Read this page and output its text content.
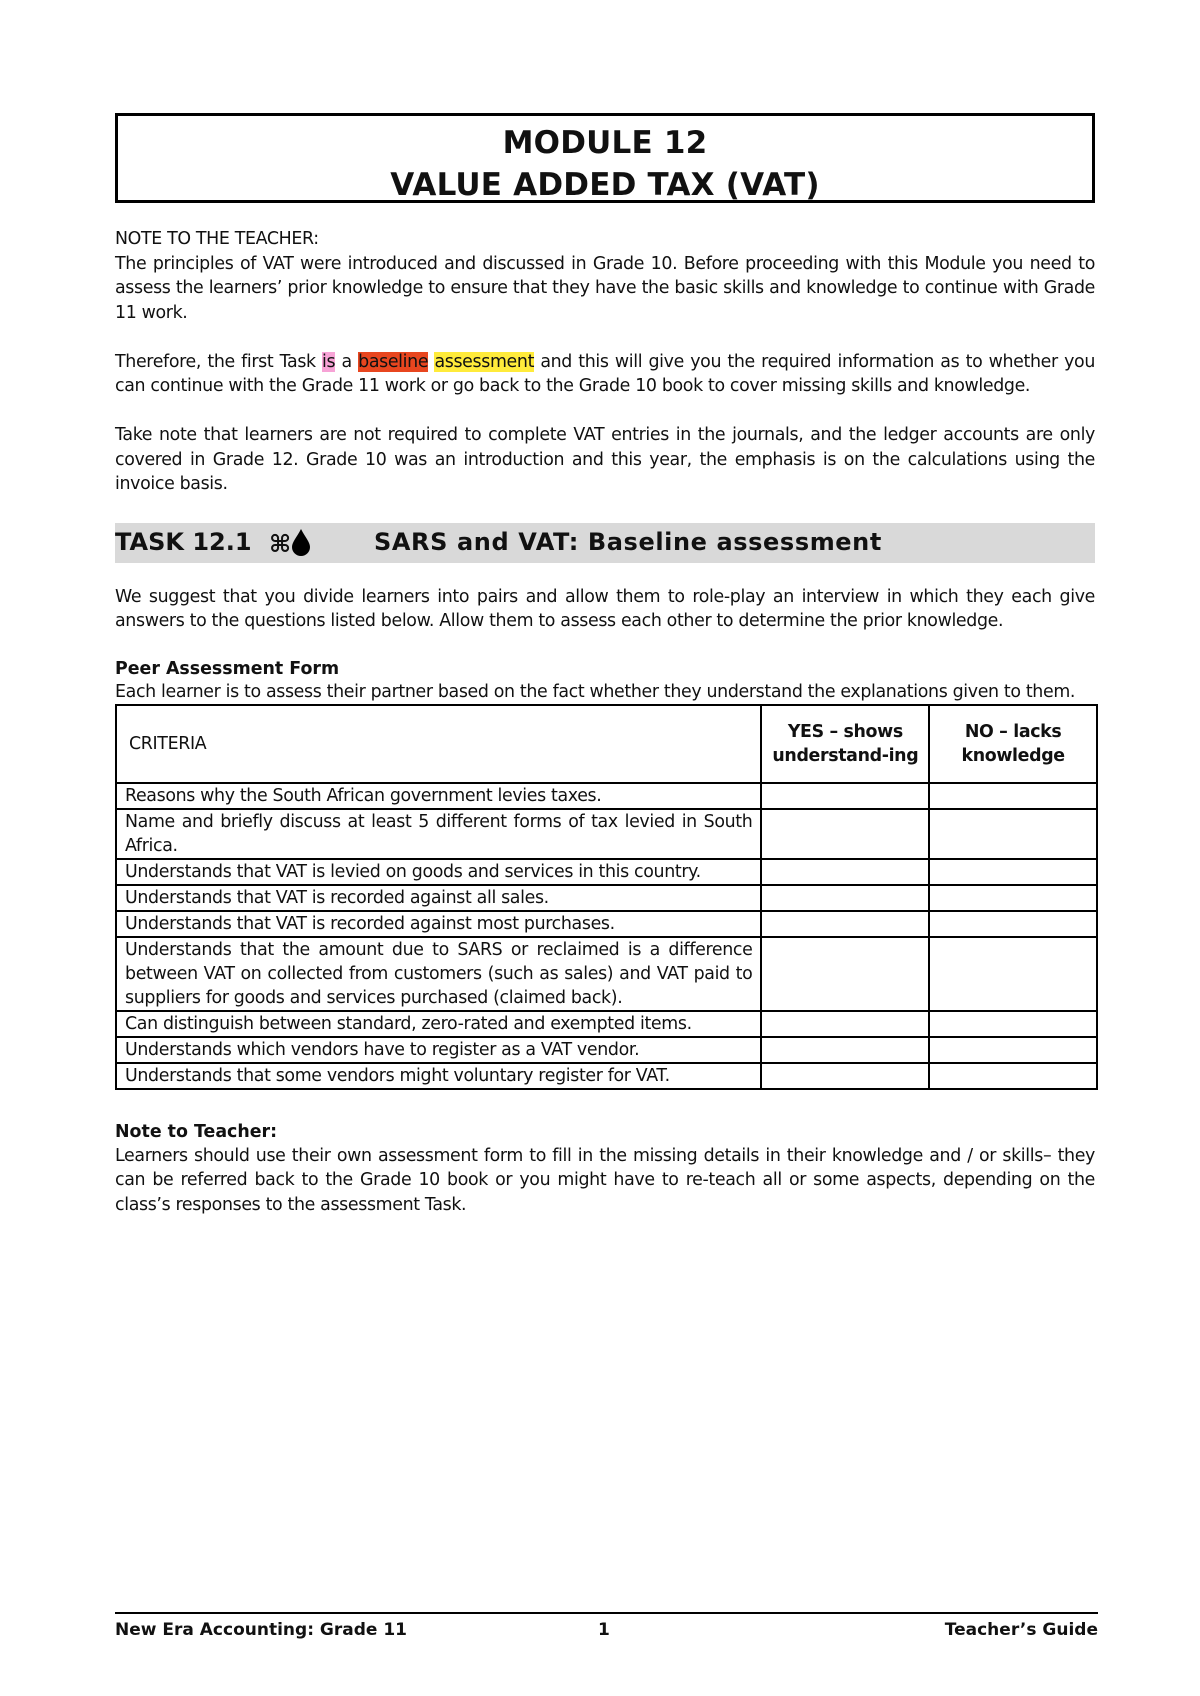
MODULE 12
VALUE ADDED TAX (VAT)
NOTE TO THE TEACHER:

The principles of VAT were introduced and discussed in Grade 10. Before proceeding with this Module you need to assess the learners’ prior knowledge to ensure that they have the basic skills and knowledge to continue with Grade 11 work.

Therefore, the first Task is a baseline assessment and this will give you the required information as to whether you can continue with the Grade 11 work or go back to the Grade 10 book to cover missing skills and knowledge.

Take note that learners are not required to complete VAT entries in the journals, and the ledger accounts are only covered in Grade 12. Grade 10 was an introduction and this year, the emphasis is on the calculations using the invoice basis.

TASK 12.1 ⌘	SARS and VAT: Baseline assessment

We suggest that you divide learners into pairs and allow them to role-play an interview in which they each give answers to the questions listed below. Allow them to assess each other to determine the prior knowledge.

Peer Assessment Form

Each learner is to assess their partner based on the fact whether they understand the explanations given to them.

CRITERIA	YES – shows understand-ing	NO – lacks knowledge
Reasons why the South African government levies taxes.		
Name and briefly discuss at least 5 different forms of tax levied in South Africa.		
Understands that VAT is levied on goods and services in this country.		
Understands that VAT is recorded against all sales.		
Understands that VAT is recorded against most purchases.		
Understands that the amount due to SARS or reclaimed is a difference between VAT on collected from customers (such as sales) and VAT paid to suppliers for goods and services purchased (claimed back).		
Can distinguish between standard, zero-rated and exempted items.		
Understands which vendors have to register as a VAT vendor.		
Understands that some vendors might voluntary register for VAT.		
Note to Teacher:

Learners should use their own assessment form to fill in the missing details in their knowledge and / or skills– they can be referred back to the Grade 10 book or you might have to re-teach all or some aspects, depending on the class’s responses to the assessment Task.

New Era Accounting: Grade 11	1	Teacher’s Guide
